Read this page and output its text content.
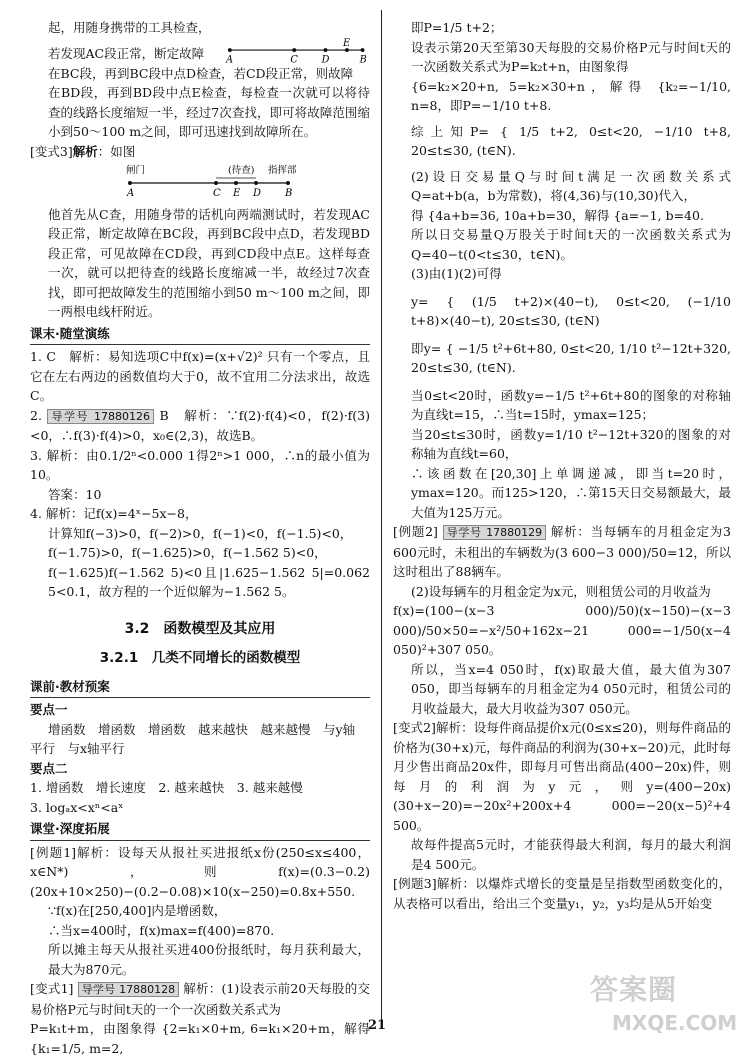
起，用随身携带的工具检查，

若发现AC段正常，断定故障	A	C D
E
B

在BC段，再到BC段中点D检查，若CD段正常，则故障

在BD段，再到BD段中点E检查，每检查一次就可以将待查的线路长度缩短一半，经过7次查找，即可将故障范围缩小到50～100 m之间，即可迅速找到故障所在。

[变式3]解析：如图

闸门	(待查) 指挥部
A	C E D B

他首先从C查，用随身带的话机向两端测试时，若发现AC段正常，断定故障在BC段，再到BC段中点D，若发现BD段正常，可见故障在CD段，再到CD段中点E。这样每查一次，就可以把待查的线路长度缩减一半，故经过7次查找，即可把故障发生的范围缩小到50 m～100 m之间，即一两根电线杆附近。

课末·随堂演练

1. C　解析：易知选项C中f(x)=(x+√2)² 只有一个零点，且它在左右两边的函数值均大于0，故不宜用二分法求出，故选C。

2. 导学号 17880126 B　解析：∵f(2)·f(4)<0，f(2)·f(3)<0，∴f(3)·f(4)>0，x₀∈(2,3)，故选B。

3. 解析：由0.1/2ⁿ<0.000 1得2ⁿ>1 000，∴n的最小值为10。

答案：10

4. 解析：记f(x)=4ˣ−5x−8，

计算知f(−3)>0，f(−2)>0，f(−1)<0，f(−1.5)<0，

f(−1.75)>0，f(−1.625)>0，f(−1.562 5)<0，

f(−1.625)f(−1.562 5)<0且|1.625−1.562 5|=0.062 5<0.1，故方程的一个近似解为−1.562 5。

3.2　函数模型及其应用
3.2.1　几类不同增长的函数模型
课前·教材预案

要点一

增函数　增函数　增函数　越来越快　越来越慢　与y轴

平行　与x轴平行

要点二

1. 增函数　增长速度　2. 越来越快　3. 越来越慢

3. logₐx<xⁿ<aˣ

课堂·深度拓展

[例题1]解析：设每天从报社买进报纸x份(250≤x≤400，x∈N*)，则f(x)=(0.3−0.2)(20x+10×250)−(0.2−0.08)×10(x−250)=0.8x+550.

∵f(x)在[250,400]内是增函数，

∴当x=400时，f(x)max=f(400)=870.

所以摊主每天从报社买进400份报纸时，每月获利最大，最大为870元。

[变式1] 导学号 17880128 解析：(1)设表示前20天每股的交易价格P元与时间t天的一个一次函数关系式为

P=k₁t+m，由图象得 {2=k₁×0+m, 6=k₁×20+m，解得 {k₁=1/5, m=2,

即P=1/5 t+2；

设表示第20天至第30天每股的交易价格P元与时间t天的一次函数关系式为P=k₂t+n，由图象得

{6=k₂×20+n, 5=k₂×30+n，解得 {k₂=−1/10, n=8，即P=−1/10 t+8.

综上知P= { 1/5 t+2, 0≤t<20, −1/10 t+8, 20≤t≤30, (t∈N).

(2)设日交易量Q与时间t满足一次函数关系式Q=at+b(a，b为常数)，将(4,36)与(10,30)代入，

得 {4a+b=36, 10a+b=30，解得 {a=−1, b=40.

所以日交易量Q万股关于时间t天的一次函数关系式为Q=40−t(0<t≤30，t∈N)。

(3)由(1)(2)可得

y= { (1/5 t+2)×(40−t), 0≤t<20, (−1/10 t+8)×(40−t), 20≤t≤30, (t∈N)

即y= { −1/5 t²+6t+80, 0≤t<20, 1/10 t²−12t+320, 20≤t≤30, (t∈N).

当0≤t<20时，函数y=−1/5 t²+6t+80的图象的对称轴为直线t=15，∴当t=15时，ymax=125；

当20≤t≤30时，函数y=1/10 t²−12t+320的图象的对称轴为直线t=60，

∴该函数在[20,30]上单调递减，即当t=20时，ymax=120。而125>120，∴第15天日交易额最大，最大值为125万元。

[例题2] 导学号 17880129 解析：当每辆车的月租金定为3 600元时，未租出的车辆数为(3 600−3 000)/50=12，所以这时租出了88辆车。

(2)设每辆车的月租金定为x元，则租赁公司的月收益为

f(x)=(100−(x−3 000)/50)(x−150)−(x−3 000)/50×50=−x²/50+162x−21 000=−1/50(x−4 050)²+307 050。

所以，当x=4 050时，f(x)取最大值，最大值为307 050，即当每辆车的月租金定为4 050元时，租赁公司的月收益最大，最大月收益为307 050元。

[变式2]解析：设每件商品提价x元(0≤x≤20)，则每件商品的价格为(30+x)元，每件商品的利润为(30+x−20)元，此时每月少售出商品20x件，即每月可售出商品(400−20x)件，则每月的利润为y元，则y=(400−20x)(30+x−20)=−20x²+200x+4 000=−20(x−5)²+4 500。

故每件提高5元时，才能获得最大利润，每月的最大利润是4 500元。

[例题3]解析：以爆炸式增长的变量是呈指数型函数变化的，从表格可以看出，给出三个变量y₁，y₂，y₃均是从5开始变

21
答案圈
MXQE.COM
